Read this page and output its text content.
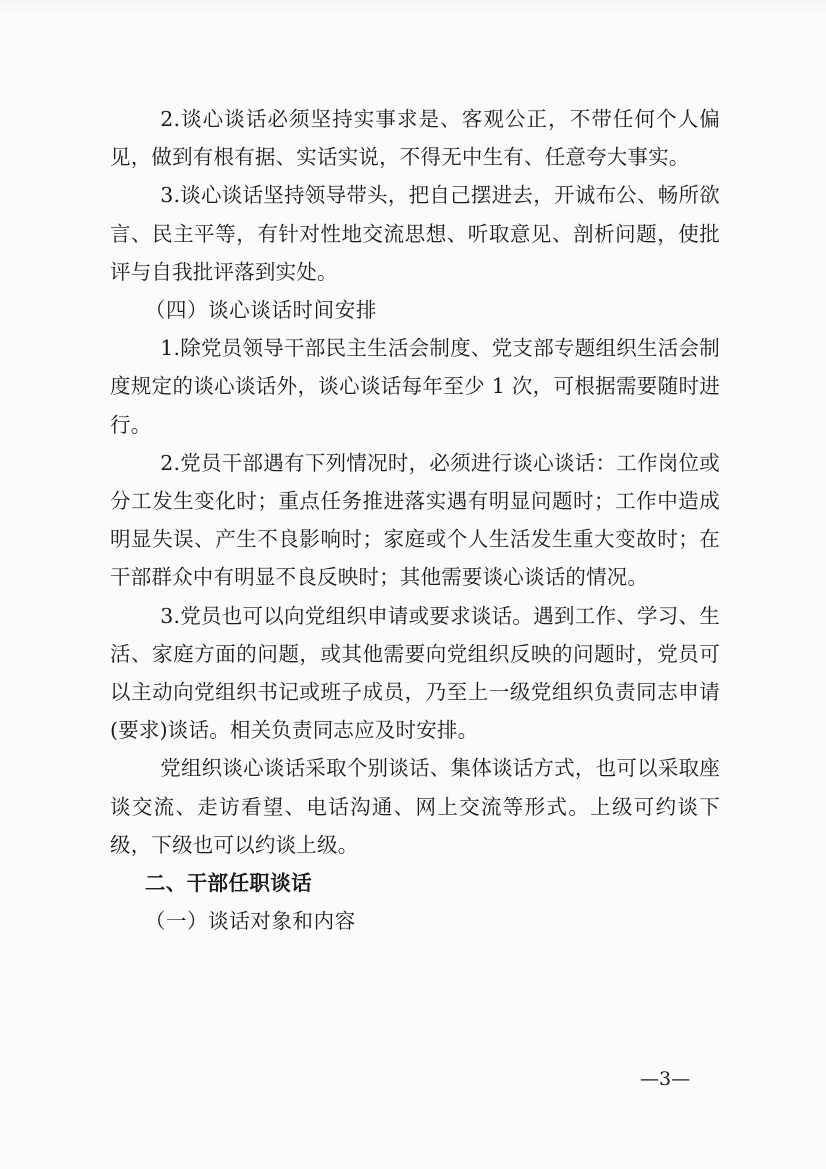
2.谈心谈话必须坚持实事求是、客观公正，不带任何个人偏见，做到有根有据、实话实说，不得无中生有、任意夸大事实。

3.谈心谈话坚持领导带头，把自己摆进去，开诚布公、畅所欲言、民主平等，有针对性地交流思想、听取意见、剖析问题，使批评与自我批评落到实处。

（四）谈心谈话时间安排

1.除党员领导干部民主生活会制度、党支部专题组织生活会制度规定的谈心谈话外，谈心谈话每年至少 1 次，可根据需要随时进行。

2.党员干部遇有下列情况时，必须进行谈心谈话：工作岗位或分工发生变化时；重点任务推进落实遇有明显问题时；工作中造成明显失误、产生不良影响时；家庭或个人生活发生重大变故时；在干部群众中有明显不良反映时；其他需要谈心谈话的情况。

3.党员也可以向党组织申请或要求谈话。遇到工作、学习、生活、家庭方面的问题，或其他需要向党组织反映的问题时，党员可以主动向党组织书记或班子成员，乃至上一级党组织负责同志申请(要求)谈话。相关负责同志应及时安排。

党组织谈心谈话采取个别谈话、集体谈话方式，也可以采取座谈交流、走访看望、电话沟通、网上交流等形式。上级可约谈下级，下级也可以约谈上级。

二、干部任职谈话

（一）谈话对象和内容

—3—
